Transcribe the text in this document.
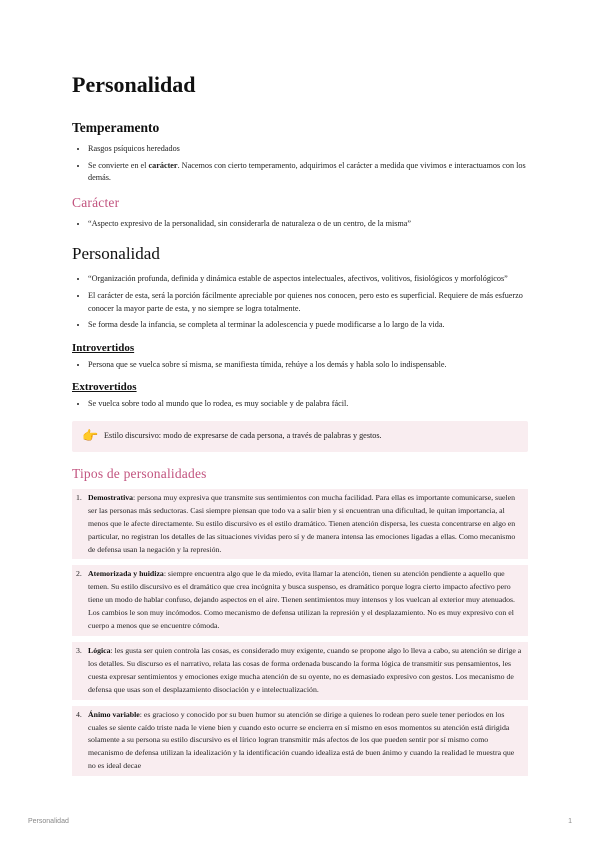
Personalidad
Temperamento
• Rasgos psíquicos heredados
• Se convierte en el carácter. Nacemos con cierto temperamento, adquirimos el carácter a medida que vivimos e interactuamos con los demás.
Carácter
• “Aspecto expresivo de la personalidad, sin considerarla de naturaleza o de un centro, de la misma”
Personalidad
• “Organización profunda, definida y dinámica estable de aspectos intelectuales, afectivos, volitivos, fisiológicos y morfológicos”
• El carácter de esta, será la porción fácilmente apreciable por quienes nos conocen, pero esto es superficial. Requiere de más esfuerzo conocer la mayor parte de esta, y no siempre se logra totalmente.
• Se forma desde la infancia, se completa al terminar la adolescencia y puede modificarse a lo largo de la vida.
Introvertidos
• Persona que se vuelca sobre sí misma, se manifiesta tímida, rehúye a los demás y habla solo lo indispensable.
Extrovertidos
• Se vuelca sobre todo al mundo que lo rodea, es muy sociable y de palabra fácil.
👉 Estilo discursivo: modo de expresarse de cada persona, a través de palabras y gestos.
Tipos de personalidades
1. Demostrativa: persona muy expresiva que transmite sus sentimientos con mucha facilidad. Para ellas es importante comunicarse, suelen ser las personas más seductoras. Casi siempre piensan que todo va a salir bien y si encuentran una dificultad, le quitan importancia, al menos que le afecte directamente. Su estilo discursivo es el estilo dramático. Tienen atención dispersa, les cuesta concentrarse en algo en particular, no registran los detalles de las situaciones vividas pero sí y de manera intensa las emociones ligadas a ellas. Como mecanismo de defensa usan la negación y la represión.
2. Atemorizada y huidiza: siempre encuentra algo que le da miedo, evita llamar la atención, tienen su atención pendiente a aquello que temen. Su estilo discursivo es el dramático que crea incógnita y busca suspenso, es dramático porque logra cierto impacto afectivo pero tiene un modo de hablar confuso, dejando aspectos en el aire. Tienen sentimientos muy intensos y los vuelcan al exterior muy atenuados. Los cambios le son muy incómodos. Como mecanismo de defensa utilizan la represión y el desplazamiento. No es muy expresivo con el cuerpo a menos que se encuentre cómoda.
3. Lógica: les gusta ser quien controla las cosas, es considerado muy exigente, cuando se propone algo lo lleva a cabo, su atención se dirige a los detalles. Su discurso es el narrativo, relata las cosas de forma ordenada buscando la forma lógica de transmitir sus pensamientos, les cuesta expresar sentimientos y emociones exige mucha atención de su oyente, no es demasiado expresivo con gestos. Los mecanismo de defensa que usas son el desplazamiento disociación y e intelectualización.
4. Ánimo variable: es gracioso y conocido por su buen humor su atención se dirige a quienes lo rodean pero suele tener periodos en los cuales se siente caído triste nada le viene bien y cuando esto ocurre se encierra en sí mismo en esos momentos su atención está dirigida solamente a su persona su estilo discursivo es el lírico logran transmitir más afectos de los que pueden sentir por sí mismo como mecanismo de defensa utilizan la idealización y la identificación cuando idealiza está de buen ánimo y cuando la realidad le muestra que no es ideal decae
Personalidad	1
